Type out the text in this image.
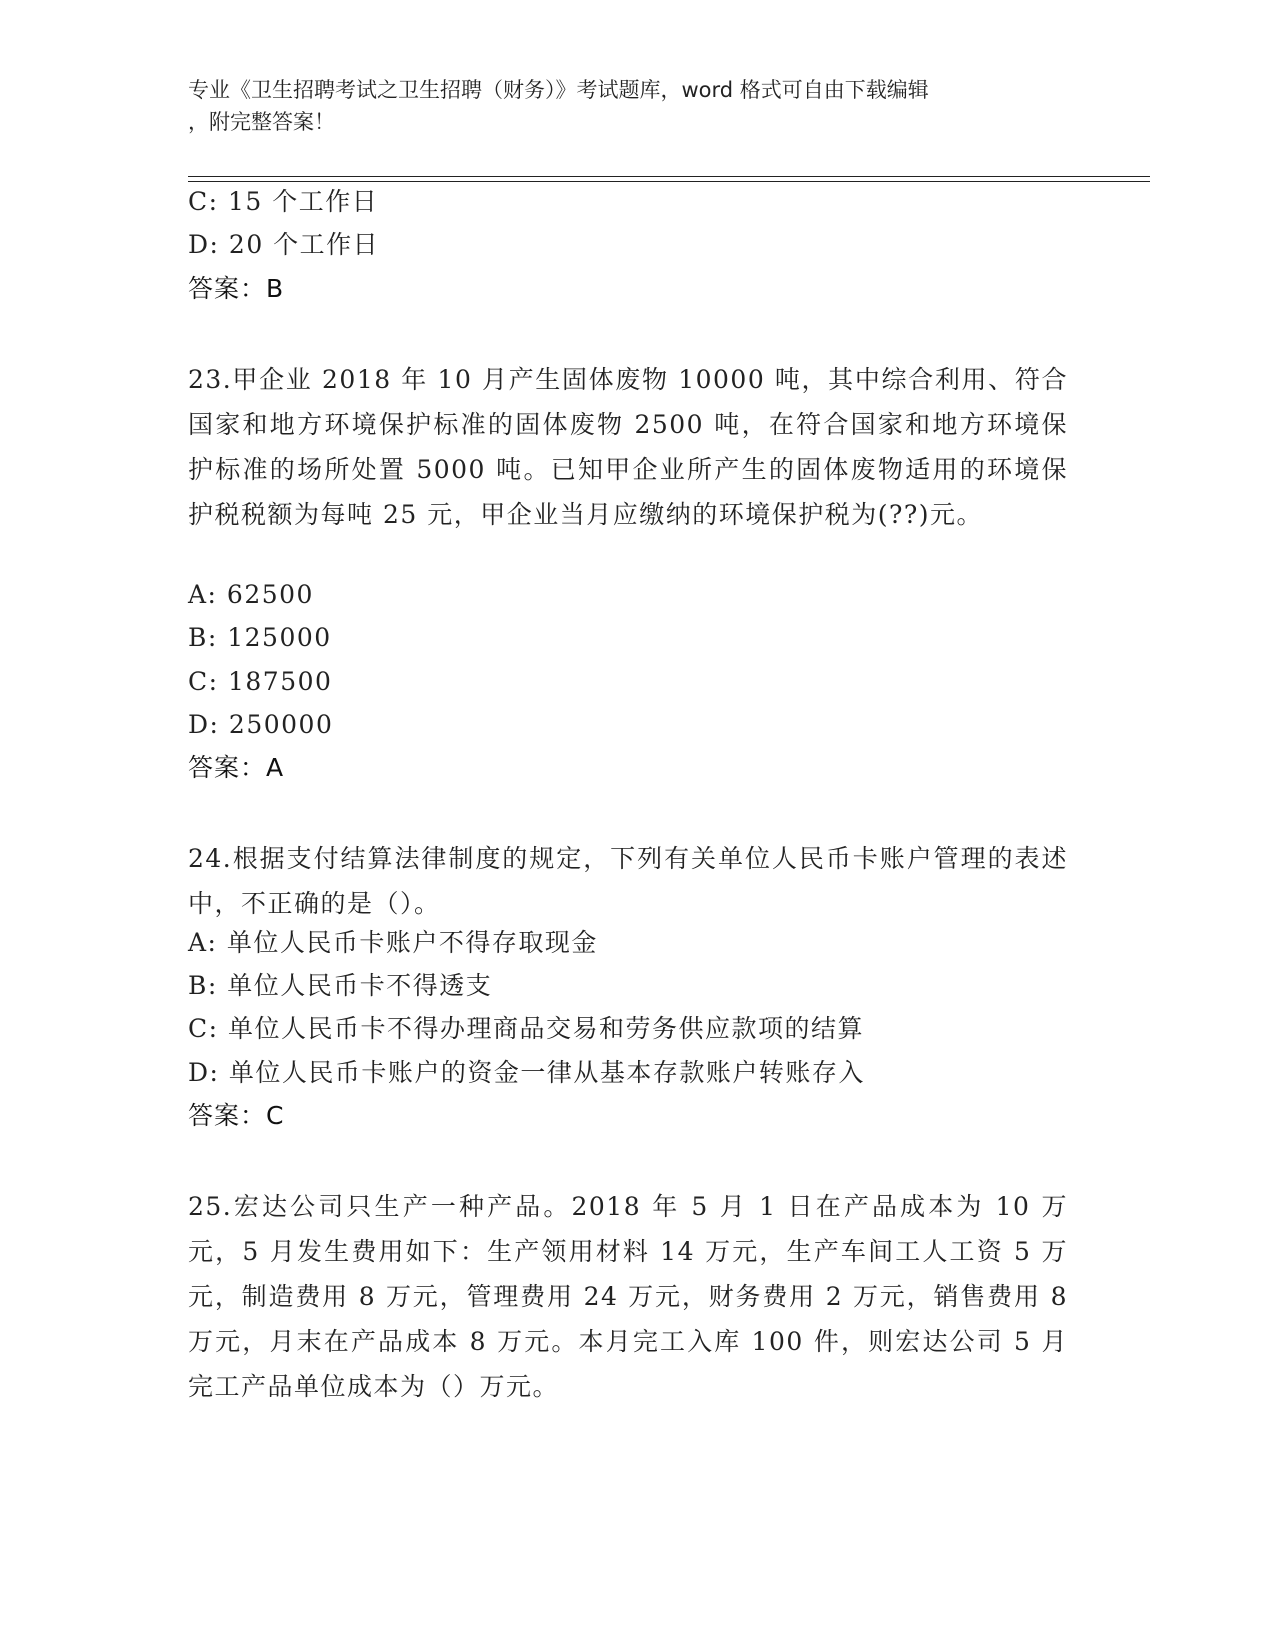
专业《卫生招聘考试之卫生招聘（财务）》考试题库，word 格式可自由下载编辑
，附完整答案！
C: 15 个工作日
D: 20 个工作日
答案：B
23.甲企业 2018 年 10 月产生固体废物 10000 吨，其中综合利用、符合国家和地方环境保护标准的固体废物 2500 吨，在符合国家和地方环境保护标准的场所处置 5000 吨。已知甲企业所产生的固体废物适用的环境保护税税额为每吨 25 元，甲企业当月应缴纳的环境保护税为(??)元。
A: 62500
B: 125000
C: 187500
D: 250000
答案：A
24.根据支付结算法律制度的规定，下列有关单位人民币卡账户管理的表述中，不正确的是（）。
A: 单位人民币卡账户不得存取现金
B: 单位人民币卡不得透支
C: 单位人民币卡不得办理商品交易和劳务供应款项的结算
D: 单位人民币卡账户的资金一律从基本存款账户转账存入
答案：C
25.宏达公司只生产一种产品。2018 年 5 月 1 日在产品成本为 10 万元，5 月发生费用如下：生产领用材料 14 万元，生产车间工人工资 5 万元，制造费用 8 万元，管理费用 24 万元，财务费用 2 万元，销售费用 8 万元，月末在产品成本 8 万元。本月完工入库 100 件，则宏达公司 5 月完工产品单位成本为（）万元。
